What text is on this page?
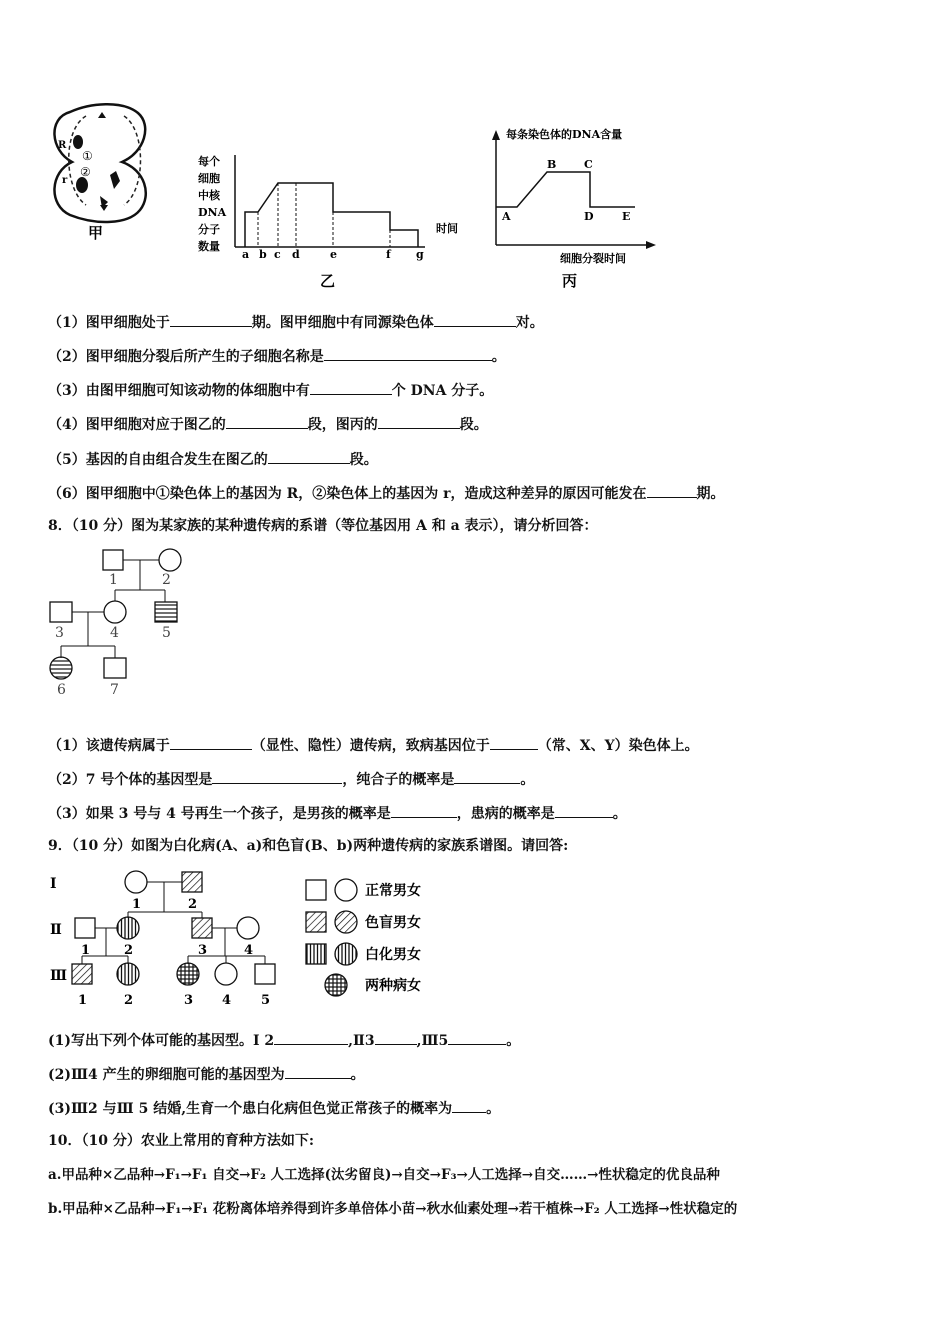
R
r
①
②
甲
每个
细胞
中核
DNA
分子
数量
时间
a b c d	e	f g
乙
每条染色体的DNA含量
A
B	C
D	E
细胞分裂时间
丙
（1）图甲细胞处于	期。图甲细胞中有同源染色体	对。
（2）图甲细胞分裂后所产生的子细胞名称是	。
（3）由图甲细胞可知该动物的体细胞中有	个 DNA 分子。
（4）图甲细胞对应于图乙的	段，图丙的	段。
（5）基因的自由组合发生在图乙的	段。
（6）图甲细胞中①染色体上的基因为 R，②染色体上的基因为 r，造成这种差异的原因可能发在	期。
8．（10 分）图为某家族的某种遗传病的系谱（等位基因用 A 和 a 表示），请分析回答：
1	2
3	4	5
6	7
（1）该遗传病属于	（显性、隐性）遗传病，致病基因位于	（常、X、Y）染色体上。
（2）7 号个体的基因型是	，纯合子的概率是	。
（3）如果 3 号与 4 号再生一个孩子，是男孩的概率是	，患病的概率是	。
9．（10 分）如图为白化病(A、a)和色盲(B、b)两种遗传病的家族系谱图。请回答:
Ⅰ
Ⅱ
Ⅲ
1	2
1	2	3	4
1	2	3 4 5
正常男女
色盲男女
白化男女
两种病女
(1)写出下列个体可能的基因型。Ⅰ 2	,Ⅱ3	,Ⅲ5	。
(2)Ⅲ4 产生的卵细胞可能的基因型为	。
(3)Ⅲ2 与Ⅲ 5 结婚,生育一个患白化病但色觉正常孩子的概率为 。
10．（10 分）农业上常用的育种方法如下:
a.甲品种×乙品种→F₁→F₁ 自交→F₂ 人工选择(汰劣留良)→自交→F₃→人工选择→自交……→性状稳定的优良品种
b.甲品种×乙品种→F₁→F₁ 花粉离体培养得到许多单倍体小苗→秋水仙素处理→若干植株→F₂ 人工选择→性状稳定的
